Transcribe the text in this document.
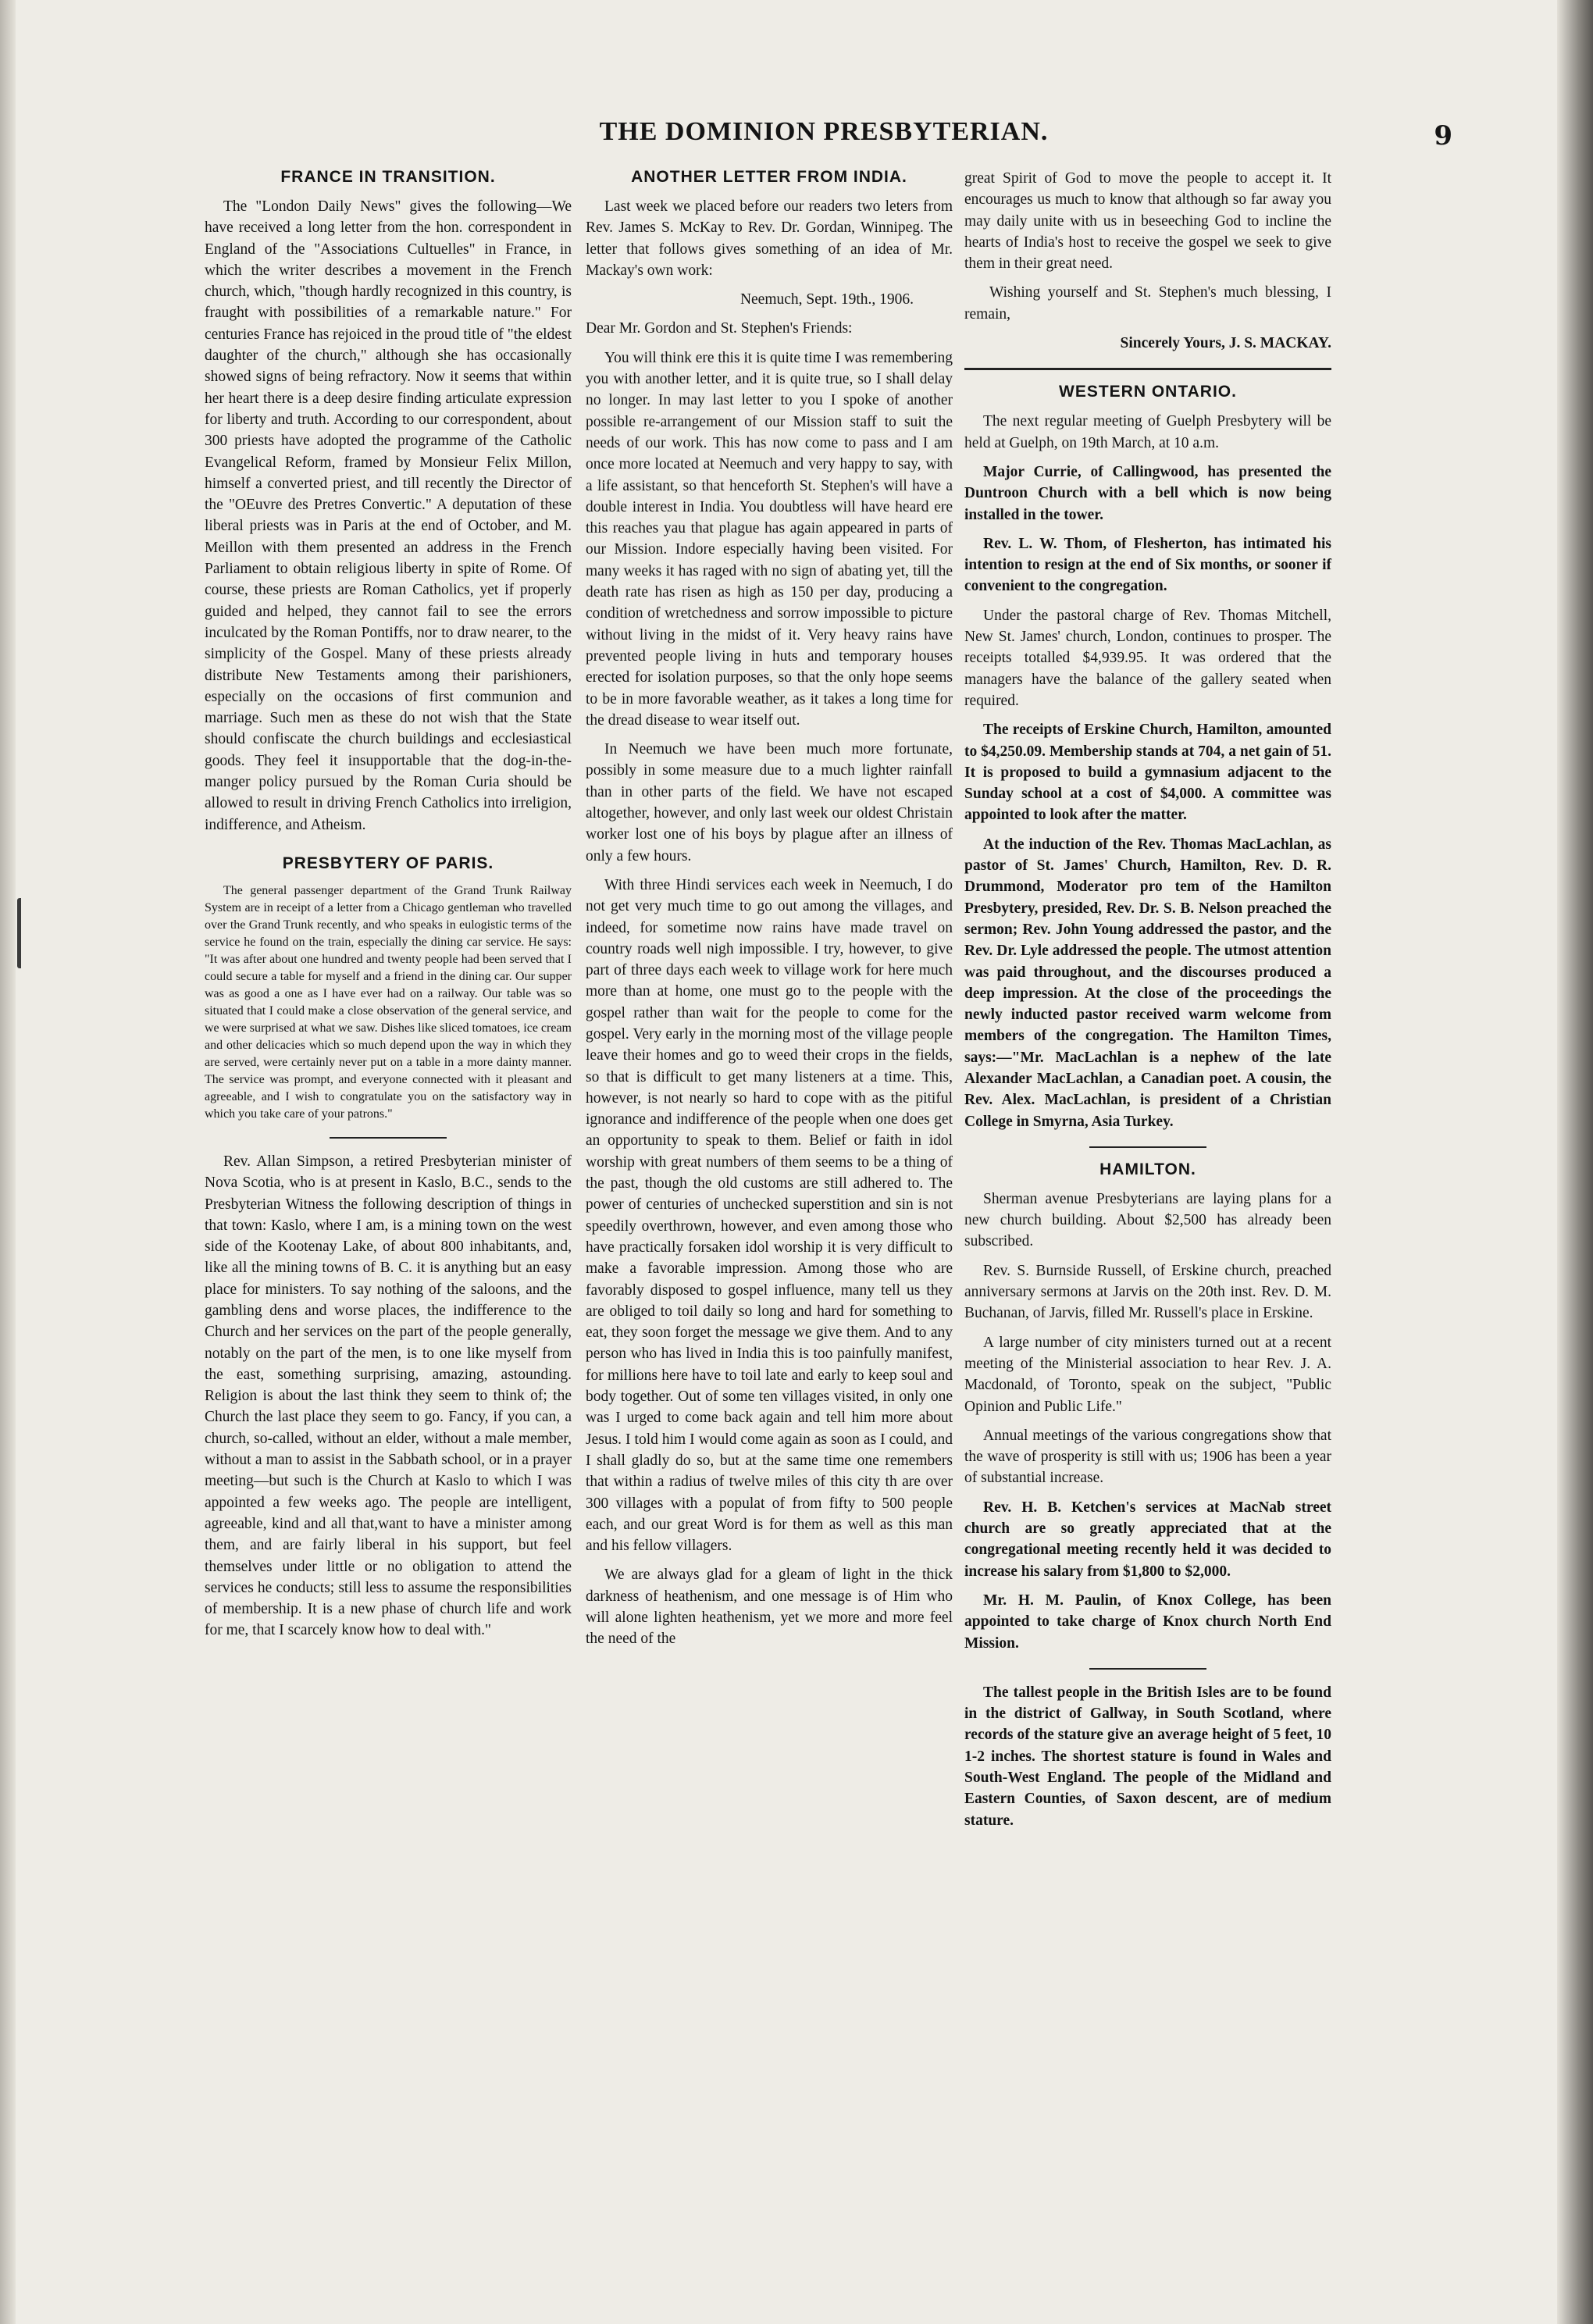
THE DOMINION PRESBYTERIAN.	9
FRANCE IN TRANSITION.

The "London Daily News" gives the following—We have received a long letter from the hon. correspondent in England of the "Associations Cultuelles" in France, in which the writer describes a movement in the French church, which, "though hardly recognized in this country, is fraught with possibilities of a remarkable nature." For centuries France has rejoiced in the proud title of "the eldest daughter of the church," although she has occasionally showed signs of being refractory. Now it seems that within her heart there is a deep desire finding articulate expression for liberty and truth. According to our correspondent, about 300 priests have adopted the programme of the Catholic Evangelical Reform, framed by Monsieur Felix Millon, himself a converted priest, and till recently the Director of the "OEuvre des Pretres Convertic." A deputation of these liberal priests was in Paris at the end of October, and M. Meillon with them presented an address in the French Parliament to obtain religious liberty in spite of Rome. Of course, these priests are Roman Catholics, yet if properly guided and helped, they cannot fail to see the errors inculcated by the Roman Pontiffs, nor to draw nearer, to the simplicity of the Gospel. Many of these priests already distribute New Testaments among their parishioners, especially on the occasions of first communion and marriage. Such men as these do not wish that the State should confiscate the church buildings and ecclesiastical goods. They feel it insupportable that the dog-in-the-manger policy pursued by the Roman Curia should be allowed to result in driving French Catholics into irreligion, indifference, and Atheism.

PRESBYTERY OF PARIS.

The general passenger department of the Grand Trunk Railway System are in receipt of a letter from a Chicago gentleman who travelled over the Grand Trunk recently, and who speaks in eulogistic terms of the service he found on the train, especially the dining car service. He says: "It was after about one hundred and twenty people had been served that I could secure a table for myself and a friend in the dining car. Our supper was as good a one as I have ever had on a railway. Our table was so situated that I could make a close observation of the general service, and we were surprised at what we saw. Dishes like sliced tomatoes, ice cream and other delicacies which so much depend upon the way in which they are served, were certainly never put on a table in a more dainty manner. The service was prompt, and everyone connected with it pleasant and agreeable, and I wish to congratulate you on the satisfactory way in which you take care of your patrons."

Rev. Allan Simpson, a retired Presbyterian minister of Nova Scotia, who is at present in Kaslo, B.C., sends to the Presbyterian Witness the following description of things in that town: Kaslo, where I am, is a mining town on the west side of the Kootenay Lake, of about 800 inhabitants, and, like all the mining towns of B. C. it is anything but an easy place for ministers. To say nothing of the saloons, and the gambling dens and worse places, the indifference to the Church and her services on the part of the people generally, notably on the part of the men, is to one like myself from the east, something surprising, amazing, astounding. Religion is about the last think they seem to think of; the Church the last place they seem to go. Fancy, if you can, a church, so-called, without an elder, without a male member, without a man to assist in the Sabbath school, or in a prayer meeting—but such is the Church at Kaslo to which I was appointed a few weeks ago. The people are intelligent, agreeable, kind and all that,want to have a minister among them, and are fairly liberal in his support, but feel themselves under little or no obligation to attend the services he conducts; still less to assume the responsibilities of membership. It is a new phase of church life and work for me, that I scarcely know how to deal with."

ANOTHER LETTER FROM INDIA.

Last week we placed before our readers two leters from Rev. James S. McKay to Rev. Dr. Gordan, Winnipeg. The letter that follows gives something of an idea of Mr. Mackay's own work:

Neemuch, Sept. 19th., 1906.

Dear Mr. Gordon and St. Stephen's Friends:

You will think ere this it is quite time I was remembering you with another letter, and it is quite true, so I shall delay no longer. In may last letter to you I spoke of another possible re-arrangement of our Mission staff to suit the needs of our work. This has now come to pass and I am once more located at Neemuch and very happy to say, with a life assistant, so that henceforth St. Stephen's will have a double interest in India. You doubtless will have heard ere this reaches yau that plague has again appeared in parts of our Mission. Indore especially having been visited. For many weeks it has raged with no sign of abating yet, till the death rate has risen as high as 150 per day, producing a condition of wretchedness and sorrow impossible to picture without living in the midst of it. Very heavy rains have prevented people living in huts and temporary houses erected for isolation purposes, so that the only hope seems to be in more favorable weather, as it takes a long time for the dread disease to wear itself out.

In Neemuch we have been much more fortunate, possibly in some measure due to a much lighter rainfall than in other parts of the field. We have not escaped altogether, however, and only last week our oldest Christain worker lost one of his boys by plague after an illness of only a few hours.

With three Hindi services each week in Neemuch, I do not get very much time to go out among the villages, and indeed, for sometime now rains have made travel on country roads well nigh impossible. I try, however, to give part of three days each week to village work for here much more than at home, one must go to the people with the gospel rather than wait for the people to come for the gospel. Very early in the morning most of the village people leave their homes and go to weed their crops in the fields, so that is difficult to get many listeners at a time. This, however, is not nearly so hard to cope with as the pitiful ignorance and indifference of the people when one does get an opportunity to speak to them. Belief or faith in idol worship with great numbers of them seems to be a thing of the past, though the old customs are still adhered to. The power of centuries of unchecked superstition and sin is not speedily overthrown, however, and even among those who have practically forsaken idol worship it is very difficult to make a favorable impression. Among those who are favorably disposed to gospel influence, many tell us they are obliged to toil daily so long and hard for something to eat, they soon forget the message we give them. And to any person who has lived in India this is too painfully manifest, for millions here have to toil late and early to keep soul and body together. Out of some ten villages visited, in only one was I urged to come back again and tell him more about Jesus. I told him I would come again as soon as I could, and I shall gladly do so, but at the same time one remembers that within a radius of twelve miles of this city th are over 300 villages with a populat of from fifty to 500 people each, and our great Word is for them as well as this man and his fellow villagers.

We are always glad for a gleam of light in the thick darkness of heathenism, and one message is of Him who will alone lighten heathenism, yet we more and more feel the need of the

great Spirit of God to move the people to accept it. It encourages us much to know that although so far away you may daily unite with us in beseeching God to incline the hearts of India's host to receive the gospel we seek to give them in their great need.

Wishing yourself and St. Stephen's much blessing, I remain,

Sincerely Yours, J. S. MACKAY.

WESTERN ONTARIO.

The next regular meeting of Guelph Presbytery will be held at Guelph, on 19th March, at 10 a.m.

Major Currie, of Callingwood, has presented the Duntroon Church with a bell which is now being installed in the tower.

Rev. L. W. Thom, of Flesherton, has intimated his intention to resign at the end of Six months, or sooner if convenient to the congregation.

Under the pastoral charge of Rev. Thomas Mitchell, New St. James' church, London, continues to prosper. The receipts totalled $4,939.95. It was ordered that the managers have the balance of the gallery seated when required.

The receipts of Erskine Church, Hamilton, amounted to $4,250.09. Membership stands at 704, a net gain of 51. It is proposed to build a gymnasium adjacent to the Sunday school at a cost of $4,000. A committee was appointed to look after the matter.

At the induction of the Rev. Thomas MacLachlan, as pastor of St. James' Church, Hamilton, Rev. D. R. Drummond, Moderator pro tem of the Hamilton Presbytery, presided, Rev. Dr. S. B. Nelson preached the sermon; Rev. John Young addressed the pastor, and the Rev. Dr. Lyle addressed the people. The utmost attention was paid throughout, and the discourses produced a deep impression. At the close of the proceedings the newly inducted pastor received warm welcome from members of the congregation. The Hamilton Times, says:—"Mr. MacLachlan is a nephew of the late Alexander MacLachlan, a Canadian poet. A cousin, the Rev. Alex. MacLachlan, is president of a Christian College in Smyrna, Asia Turkey.

HAMILTON.

Sherman avenue Presbyterians are laying plans for a new church building. About $2,500 has already been subscribed.

Rev. S. Burnside Russell, of Erskine church, preached anniversary sermons at Jarvis on the 20th inst. Rev. D. M. Buchanan, of Jarvis, filled Mr. Russell's place in Erskine.

A large number of city ministers turned out at a recent meeting of the Ministerial association to hear Rev. J. A. Macdonald, of Toronto, speak on the subject, "Public Opinion and Public Life."

Annual meetings of the various congregations show that the wave of prosperity is still with us; 1906 has been a year of substantial increase.

Rev. H. B. Ketchen's services at MacNab street church are so greatly appreciated that at the congregational meeting recently held it was decided to increase his salary from $1,800 to $2,000.

Mr. H. M. Paulin, of Knox College, has been appointed to take charge of Knox church North End Mission.

The tallest people in the British Isles are to be found in the district of Gallway, in South Scotland, where records of the stature give an average height of 5 feet, 10 1-2 inches. The shortest stature is found in Wales and South-West England. The people of the Midland and Eastern Counties, of Saxon descent, are of medium stature.
